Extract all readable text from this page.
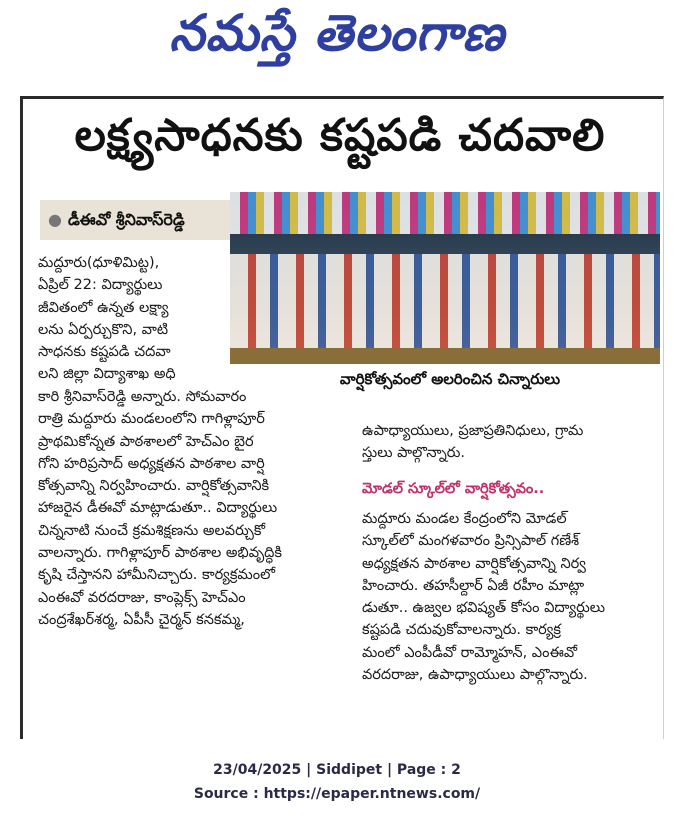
నమస్తే తెలంగాణ
లక్ష్యసాధనకు కష్టపడి చదవాలి
● డీఈవో శ్రీనివాస్‌రెడ్డి
వార్షికోత్సవంలో అలరించిన చిన్నారులు

మద్దూరు(ధూళిమిట్ట),

ఏప్రిల్ 22: విద్యార్థులు

జీవితంలో ఉన్నత లక్ష్యా

లను ఏర్పర్చుకొని, వాటి

సాధనకు కష్టపడి చదవా

లని జిల్లా విద్యాశాఖ అధి

కారి శ్రీనివాస్‌రెడ్డి అన్నారు. సోమవారం

రాత్రి మద్దూరు మండలంలోని గాగిళ్లాపూర్

ప్రాథమికోన్నత పాఠశాలలో హెచ్ఎం బైర

గోని హరిప్రసాద్ అధ్యక్షతన పాఠశాల వార్షి

కోత్సవాన్ని నిర్వహించారు. వార్షికోత్సవానికి

హాజరైన డీఈవో మాట్లాడుతూ.. విద్యార్థులు

చిన్ననాటి నుంచే క్రమశిక్షణను అలవర్చుకో

వాలన్నారు. గాగిళ్లాపూర్ పాఠశాల అభివృద్ధికి

కృషి చేస్తానని హామీనిచ్చారు. కార్యక్రమంలో

ఎంఈవో వరదరాజు, కాంప్లెక్స్ హెచ్ఎం

చంద్రశేఖర్‌శర్మ, ఏపీసీ చైర్మన్ కనకమ్మ,

ఉపాధ్యాయులు, ప్రజాప్రతినిధులు, గ్రామ

స్తులు పాల్గొన్నారు.

మోడల్ స్కూల్‌లో వార్షికోత్సవం..

మద్దూరు మండల కేంద్రంలోని మోడల్

స్కూల్‌లో మంగళవారం ప్రిన్సిపాల్ గణేశ్

అధ్యక్షతన పాఠశాల వార్షికోత్సవాన్ని నిర్వ

హించారు. తహసీల్దార్ ఏజీ రహీం మాట్లా

డుతూ.. ఉజ్వల భవిష్యత్ కోసం విద్యార్థులు

కష్టపడి చదువుకోవాలన్నారు. కార్యక్ర

మంలో ఎంపీడీవో రామ్మోహన్, ఎంఈవో

వరదరాజు, ఉపాధ్యాయులు పాల్గొన్నారు.

23/04/2025 | Siddipet | Page : 2
Source : https://epaper.ntnews.com/
